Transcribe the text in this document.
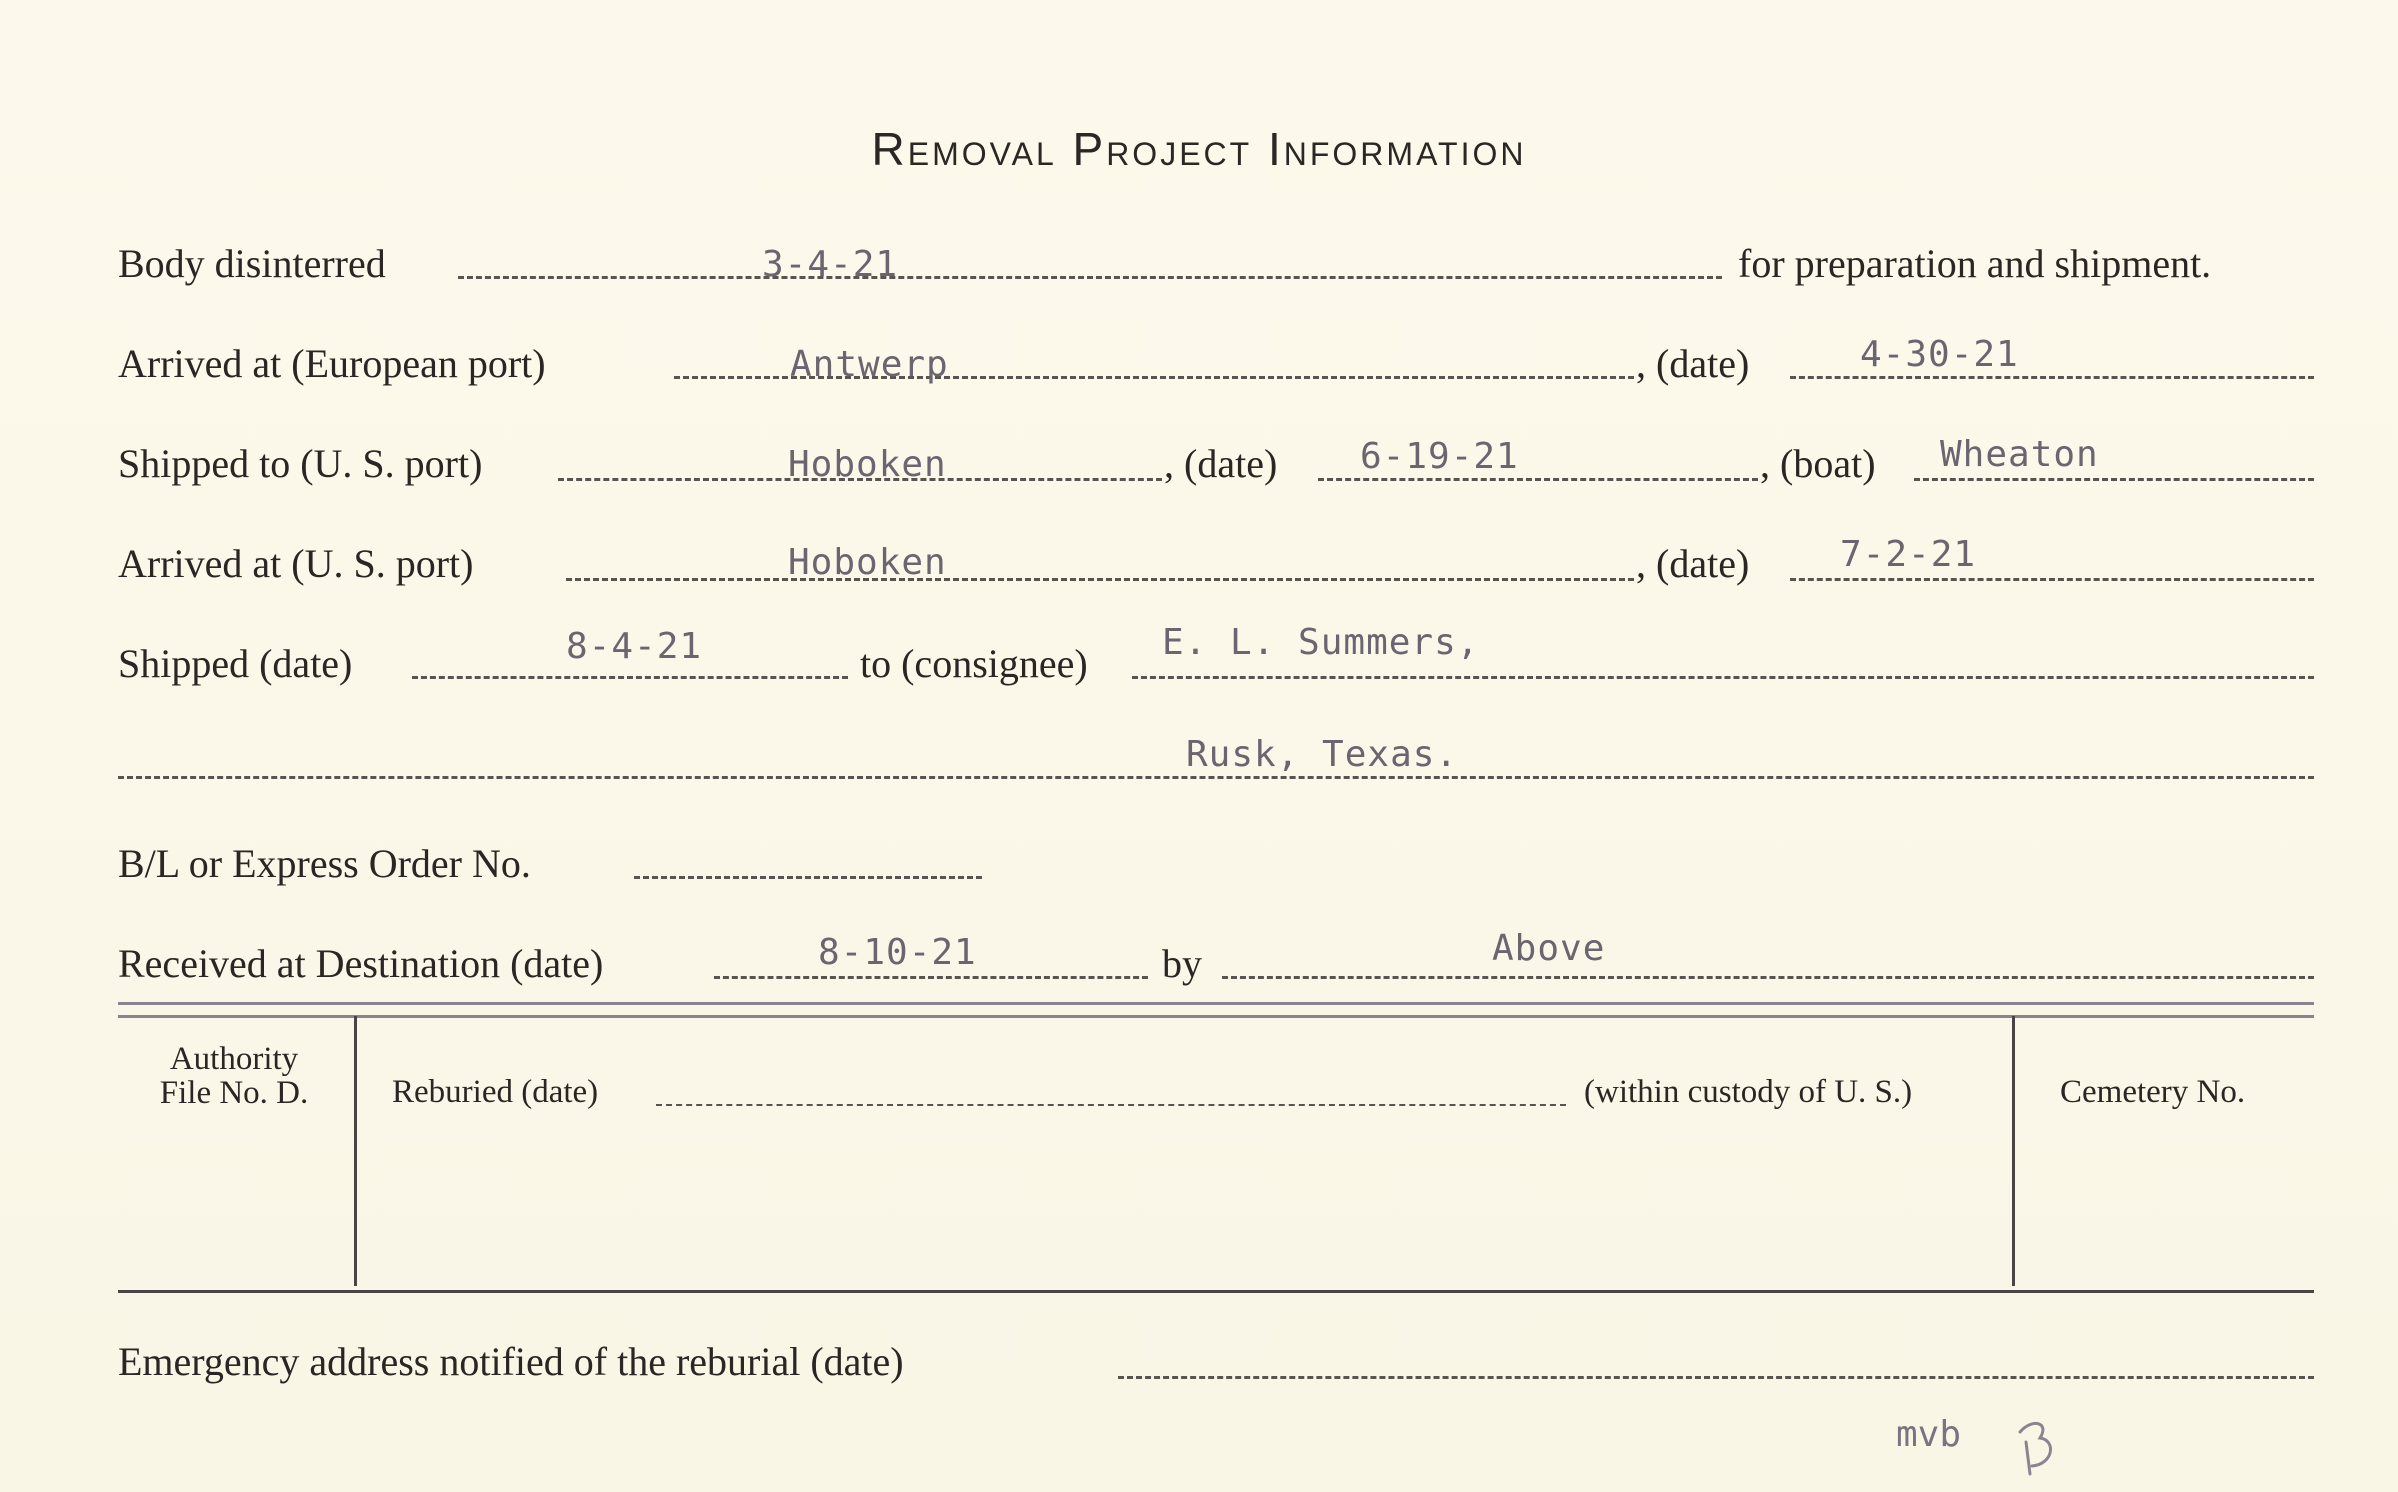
Removal Project Information
Body disinterred	3-4-21	for preparation and shipment.
Arrived at (European port)	Antwerp	, (date)	4-30-21
Shipped to (U. S. port)	Hoboken	, (date) 6-19-21	, (boat) Wheaton
Arrived at (U. S. port)	Hoboken	, (date)	7-2-21
Shipped (date)	8-4-21	to (consignee) E. L. Summers,
Rusk, Texas.
B/L or Express Order No.
Received at Destination (date)	8-10-21	by	Above
Authority
File No. D.	Reburied (date)	(within custody of U. S.)	Cemetery No.
Emergency address notified of the reburial (date)
mvb
